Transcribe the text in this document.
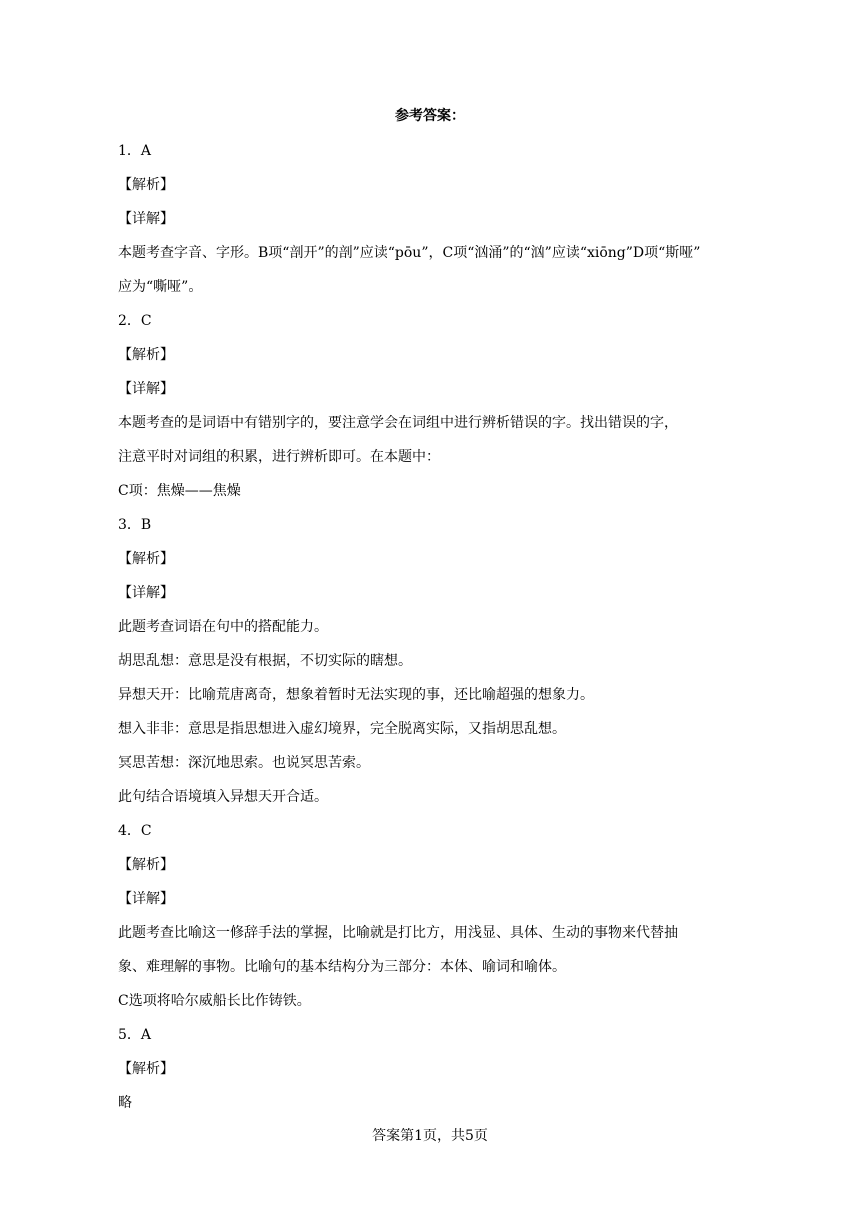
参考答案：
1．A
【解析】
【详解】
本题考查字音、字形。B项“剖开”的剖”应读“pōu”，C项“汹涌”的“汹”应读“xiōng”D项“斯哑”
应为“嘶哑”。
2．C
【解析】
【详解】
本题考查的是词语中有错别字的，要注意学会在词组中进行辨析错误的字。找出错误的字，
注意平时对词组的积累，进行辨析即可。在本题中：
C项：焦燥——焦燥
3．B
【解析】
【详解】
此题考查词语在句中的搭配能力。
胡思乱想：意思是没有根据，不切实际的瞎想。
异想天开：比喻荒唐离奇，想象着暂时无法实现的事，还比喻超强的想象力。
想入非非：意思是指思想进入虚幻境界，完全脱离实际，又指胡思乱想。
冥思苦想：深沉地思索。也说冥思苦索。
此句结合语境填入异想天开合适。
4．C
【解析】
【详解】
此题考查比喻这一修辞手法的掌握，比喻就是打比方，用浅显、具体、生动的事物来代替抽
象、难理解的事物。比喻句的基本结构分为三部分：本体、喻词和喻体。
C选项将哈尔威船长比作铸铁。
5．A
【解析】
略
答案第1页，共5页
